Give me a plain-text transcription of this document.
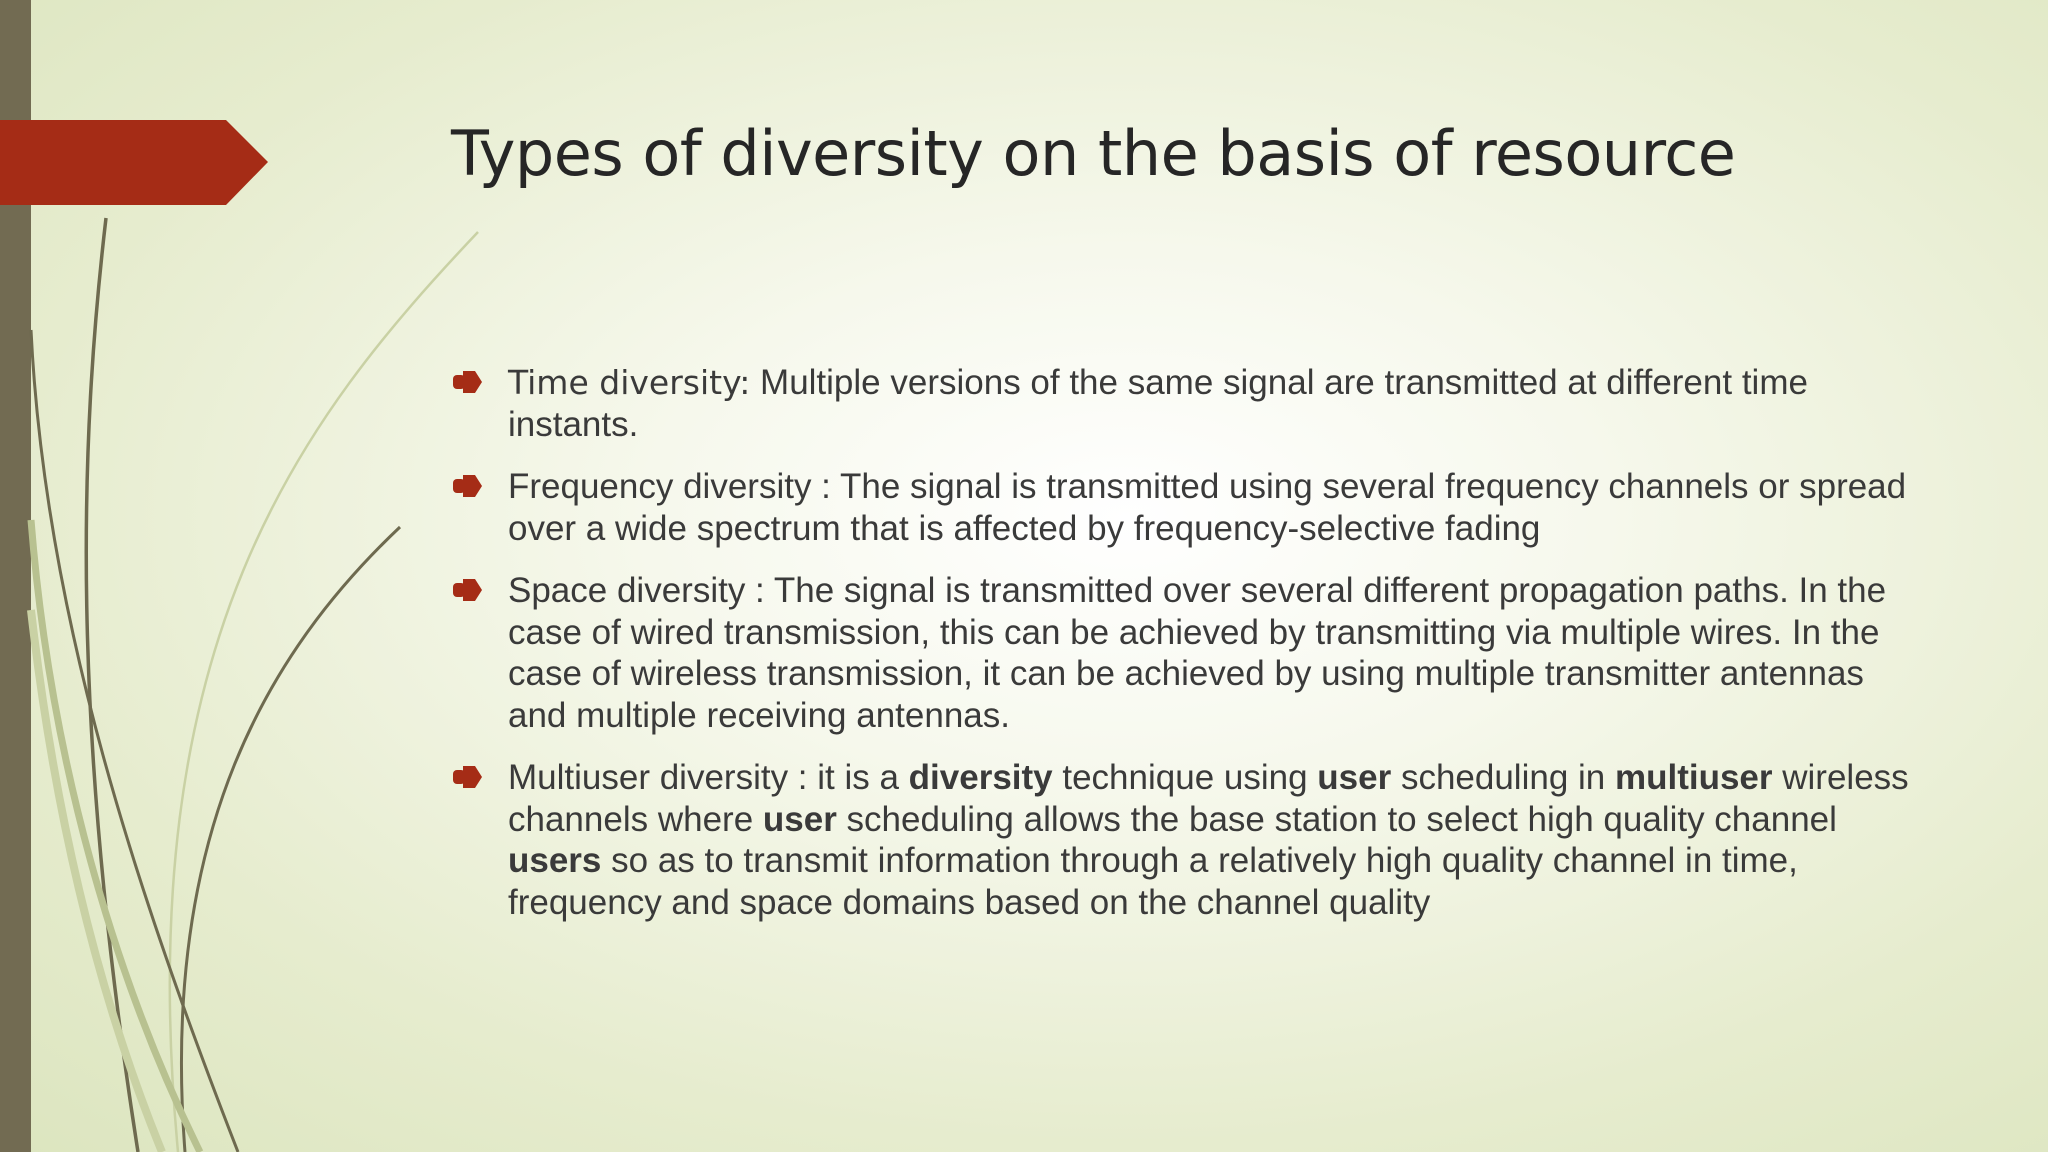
Types of diversity on the basis of resource
Time diversity: Multiple versions of the same signal are transmitted at different time instants.
Frequency diversity : The signal is transmitted using several frequency channels or spread over a wide spectrum that is affected by frequency-selective fading
Space diversity : The signal is transmitted over several different propagation paths. In the case of wired transmission, this can be achieved by transmitting via multiple wires. In the case of wireless transmission, it can be achieved by using multiple transmitter antennas and multiple receiving antennas.
Multiuser diversity : it is a diversity technique using user scheduling in multiuser wireless channels where user scheduling allows the base station to select high quality channel users so as to transmit information through a relatively high quality channel in time, frequency and space domains based on the channel quality
